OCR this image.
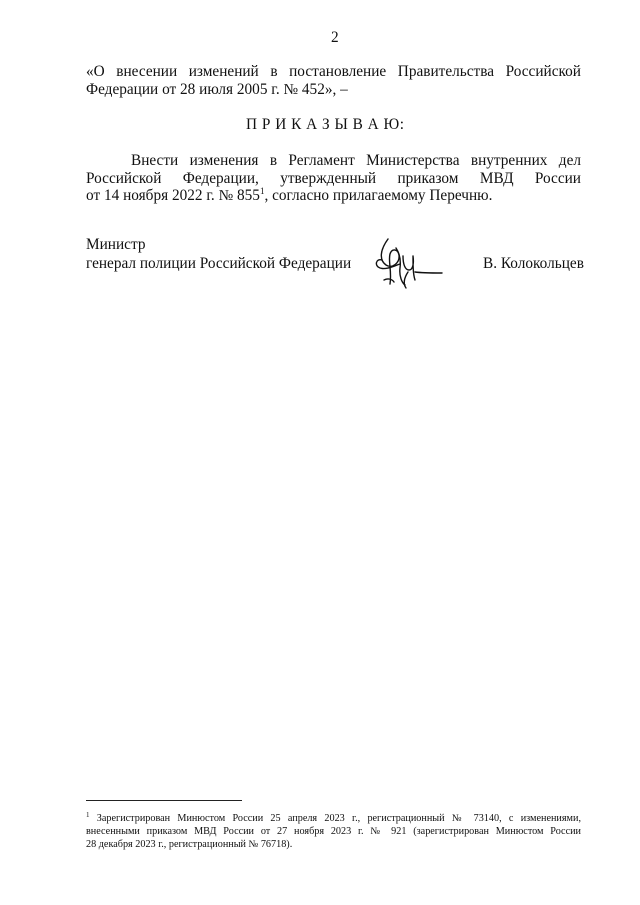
2
«О внесении изменений в постановление Правительства Российской
Федерации от 28 июля 2005 г. № 452», –
П Р И К А З Ы В А Ю:
Внести изменения в Регламент Министерства внутренних дел
Российской Федерации, утвержденный приказом МВД России
от 14 ноября 2022 г. № $855^1$, согласно прилагаемому Перечню.
Министр
генерал полиции Российской Федерации	В. Колокольцев
$^1$ Зарегистрирован Минюстом России 25 апреля 2023 г., регистрационный № 73140, с изменениями,
внесенными приказом МВД России от 27 ноября 2023 г. № 921 (зарегистрирован Минюстом России
28 декабря 2023 г., регистрационный № 76718).
